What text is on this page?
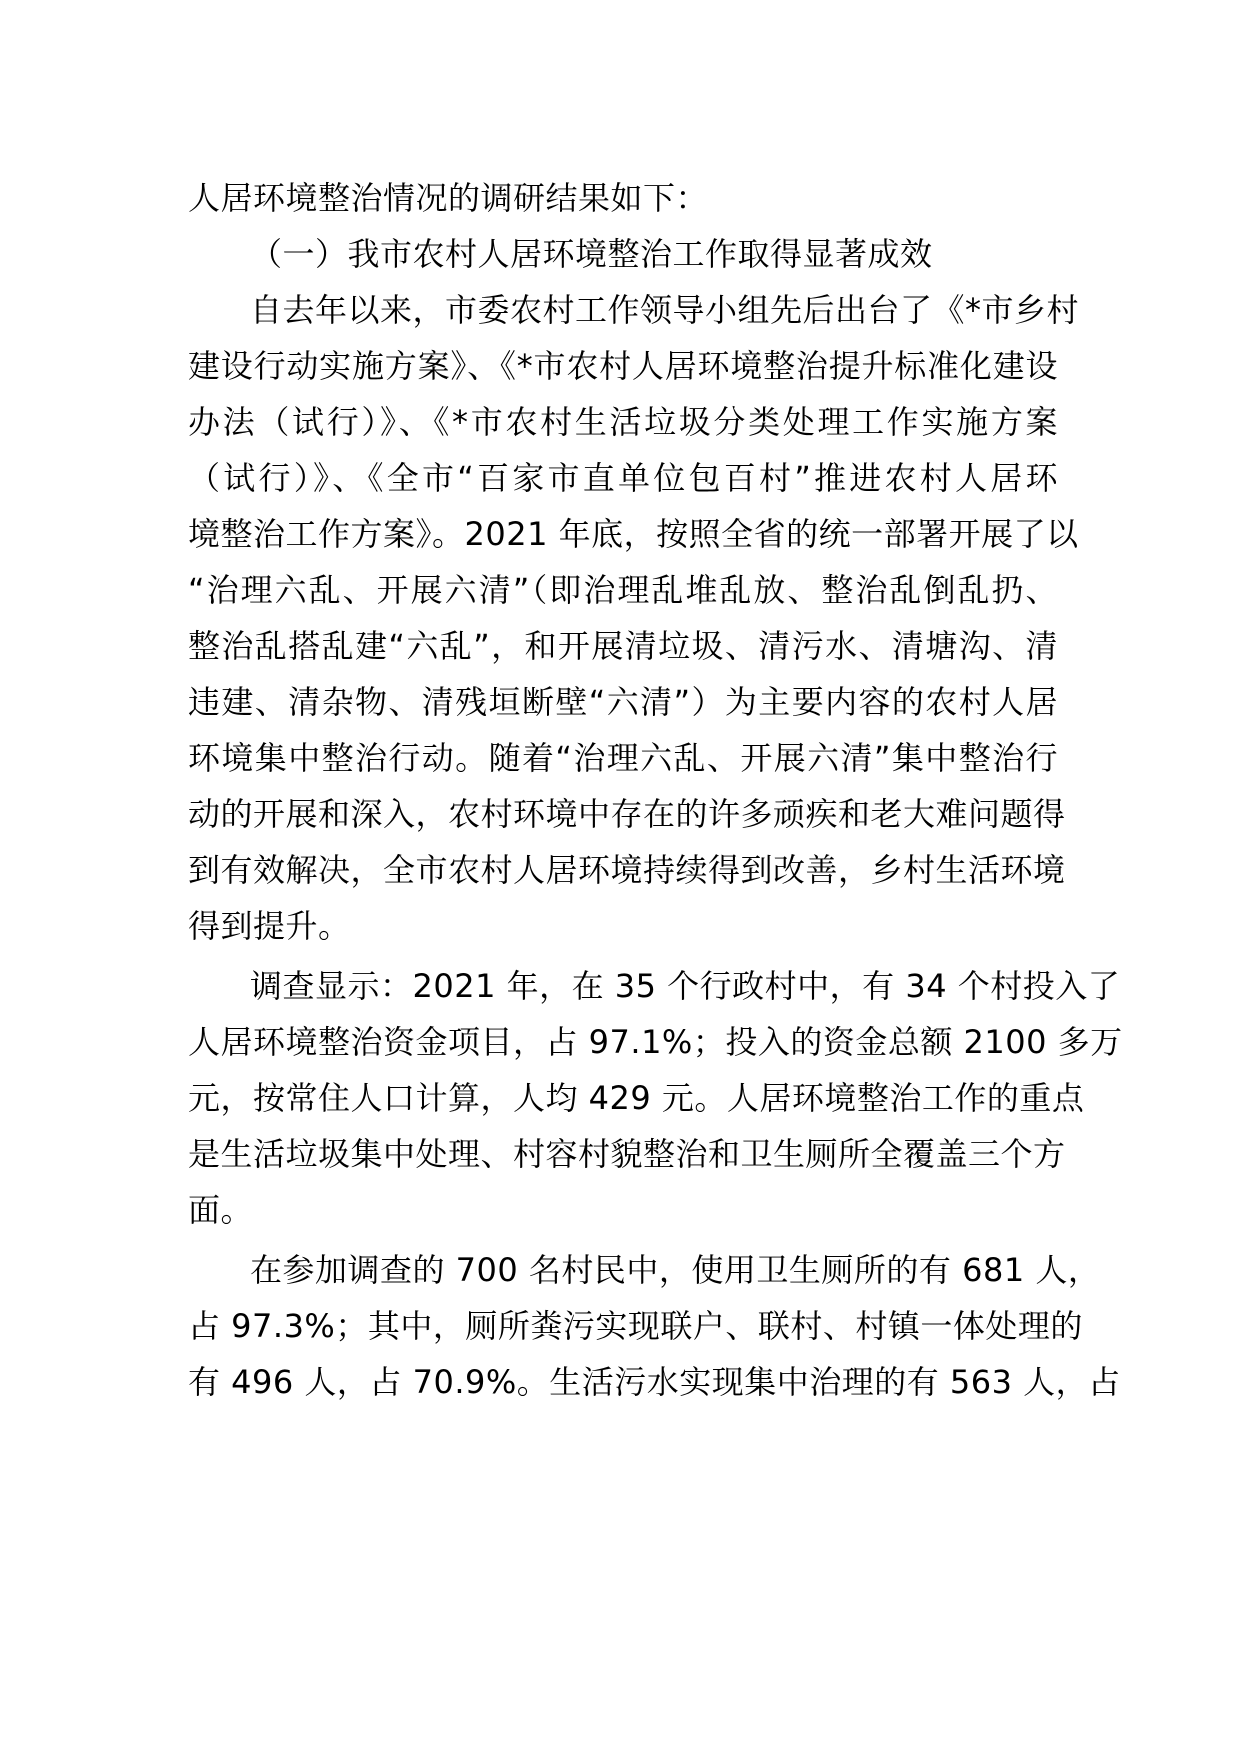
人居环境整治情况的调研结果如下：
（一）我市农村人居环境整治工作取得显著成效
自去年以来，市委农村工作领导小组先后出台了《*市乡村
建设行动实施方案》、《*市农村人居环境整治提升标准化建设
办法（试行）》、《*市农村生活垃圾分类处理工作实施方案
（试行）》、《全市“百家市直单位包百村”推进农村人居环
境整治工作方案》。2021 年底，按照全省的统一部署开展了以
“治理六乱、开展六清”（即治理乱堆乱放、整治乱倒乱扔、
整治乱搭乱建“六乱”，和开展清垃圾、清污水、清塘沟、清
违建、清杂物、清残垣断壁“六清”）为主要内容的农村人居
环境集中整治行动。随着“治理六乱、开展六清”集中整治行
动的开展和深入，农村环境中存在的许多顽疾和老大难问题得
到有效解决，全市农村人居环境持续得到改善，乡村生活环境
得到提升。
调查显示：2021 年，在 35 个行政村中，有 34 个村投入了
人居环境整治资金项目，占 97.1%；投入的资金总额 2100 多万
元，按常住人口计算，人均 429 元。人居环境整治工作的重点
是生活垃圾集中处理、村容村貌整治和卫生厕所全覆盖三个方
面。
在参加调查的 700 名村民中，使用卫生厕所的有 681 人，
占 97.3%；其中，厕所粪污实现联户、联村、村镇一体处理的
有 496 人，占 70.9%。生活污水实现集中治理的有 563 人，占
